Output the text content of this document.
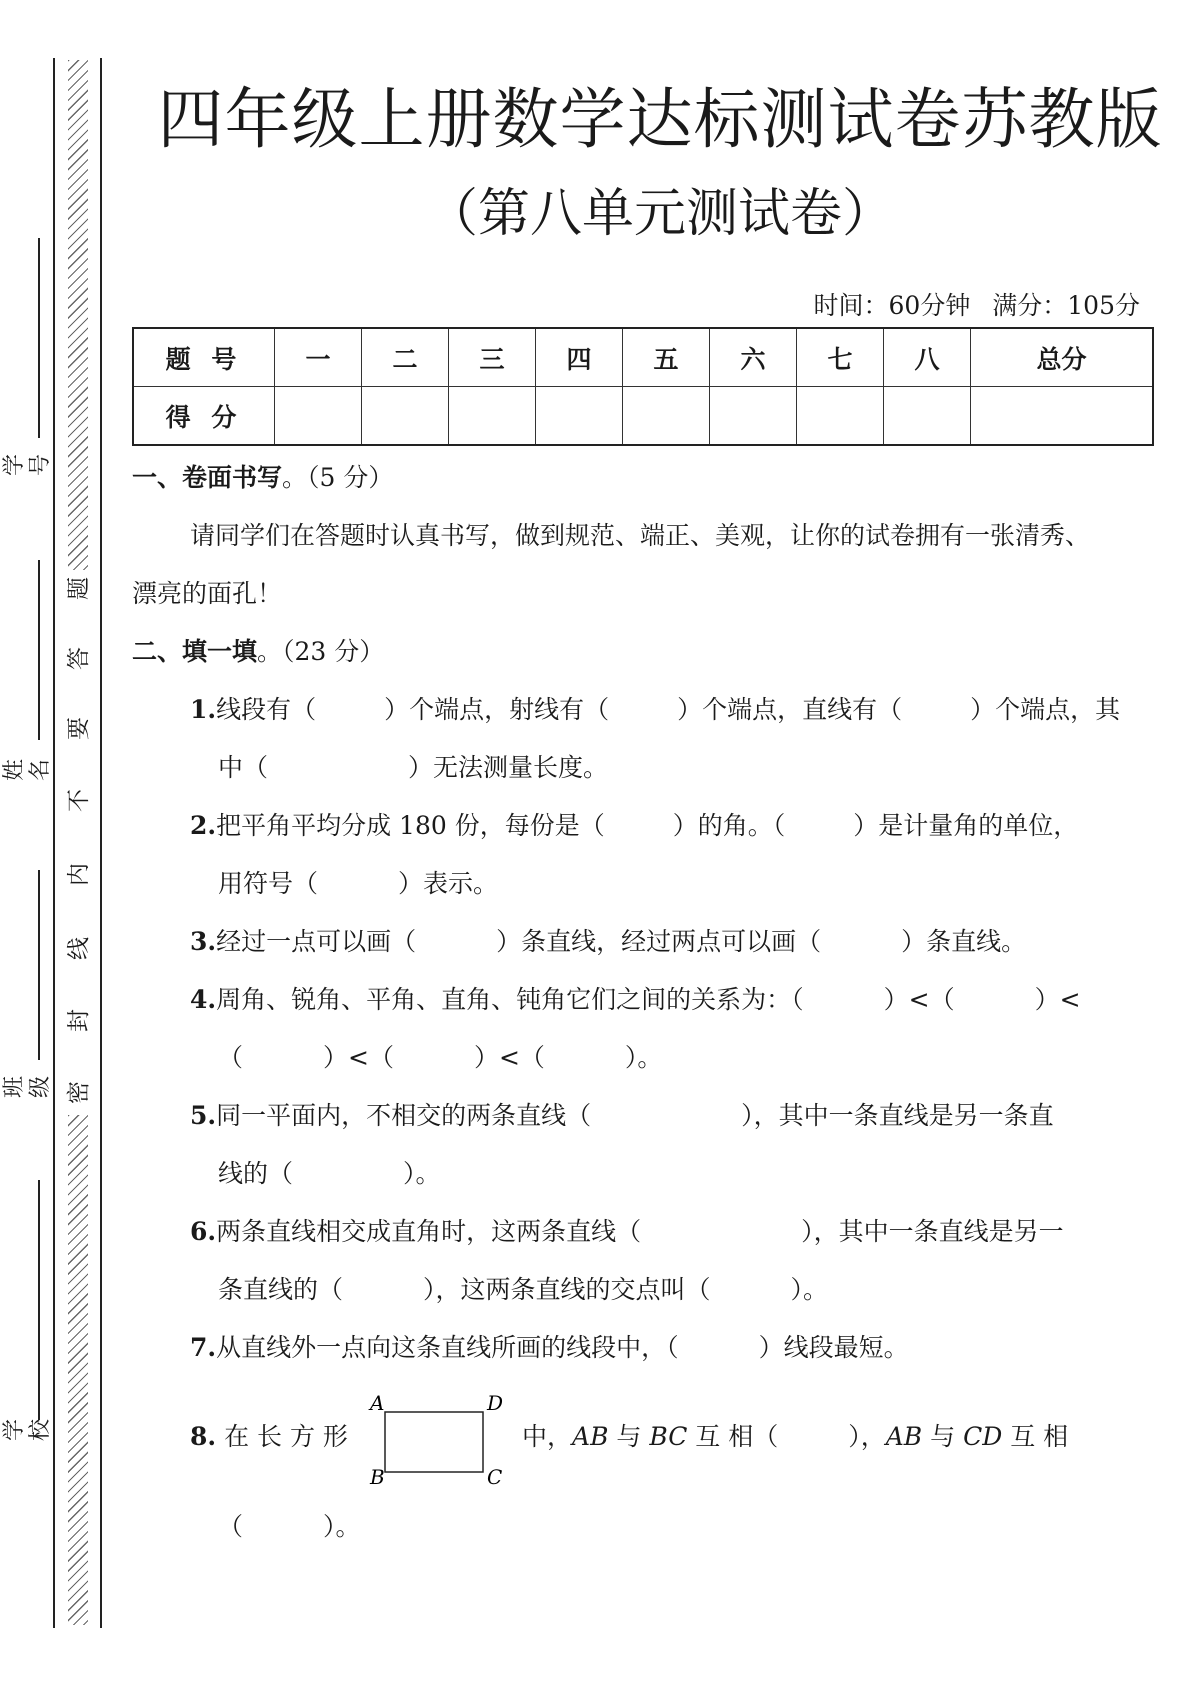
题
答
要
不
内
线
封
密
学号
姓名
班级
学校
四年级上册数学达标测试卷苏教版
（第八单元测试卷）
时间：60分钟 满分：105分
题 号	一	二	三	四	五	六	七	八	总分
得 分									
一、卷面书写。（5 分）
请同学们在答题时认真书写，做到规范、端正、美观，让你的试卷拥有一张清秀、
漂亮的面孔！
二、填一填。（23 分）
1.线段有（	）个端点，射线有（	）个端点，直线有（	）个端点，其
中（	）无法测量长度。
2.把平角平均分成 180 份，每份是（	）的角。（	）是计量角的单位，
用符号（	）表示。
3.经过一点可以画（	）条直线，经过两点可以画（	）条直线。
4.周角、锐角、平角、直角、钝角它们之间的关系为：（	）<（	）<
（	）<（	）<（	）。
5.同一平面内，不相交的两条直线（	），其中一条直线是另一条直
线的（	）。
6.两条直线相交成直角时，这两条直线（	），其中一条直线是另一
条直线的（	），这两条直线的交点叫（	）。
7.从直线外一点向这条直线所画的线段中，（	）线段最短。
8. 在 长 方 形
A	D
B	C
中，AB 与 BC 互 相（	），AB 与 CD 互 相
（	）。
